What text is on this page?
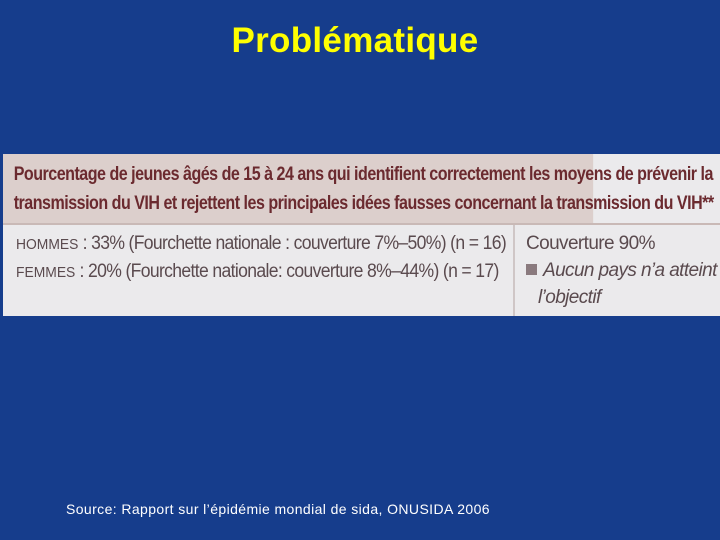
Problématique
Pourcentage de jeunes âgés de 15 à 24 ans qui identifient correctement les moyens de prévenir la
transmission du VIH et rejettent les principales idées fausses concernant la transmission du VIH**
HOMMES : 33% (Fourchette nationale : couverture 7%–50%) (n = 16)
FEMMES : 20% (Fourchette nationale: couverture 8%–44%) (n = 17)
Couverture 90%
Aucun pays n’a atteint
l’objectif
Source: Rapport sur l’épidémie mondial de sida, ONUSIDA 2006
